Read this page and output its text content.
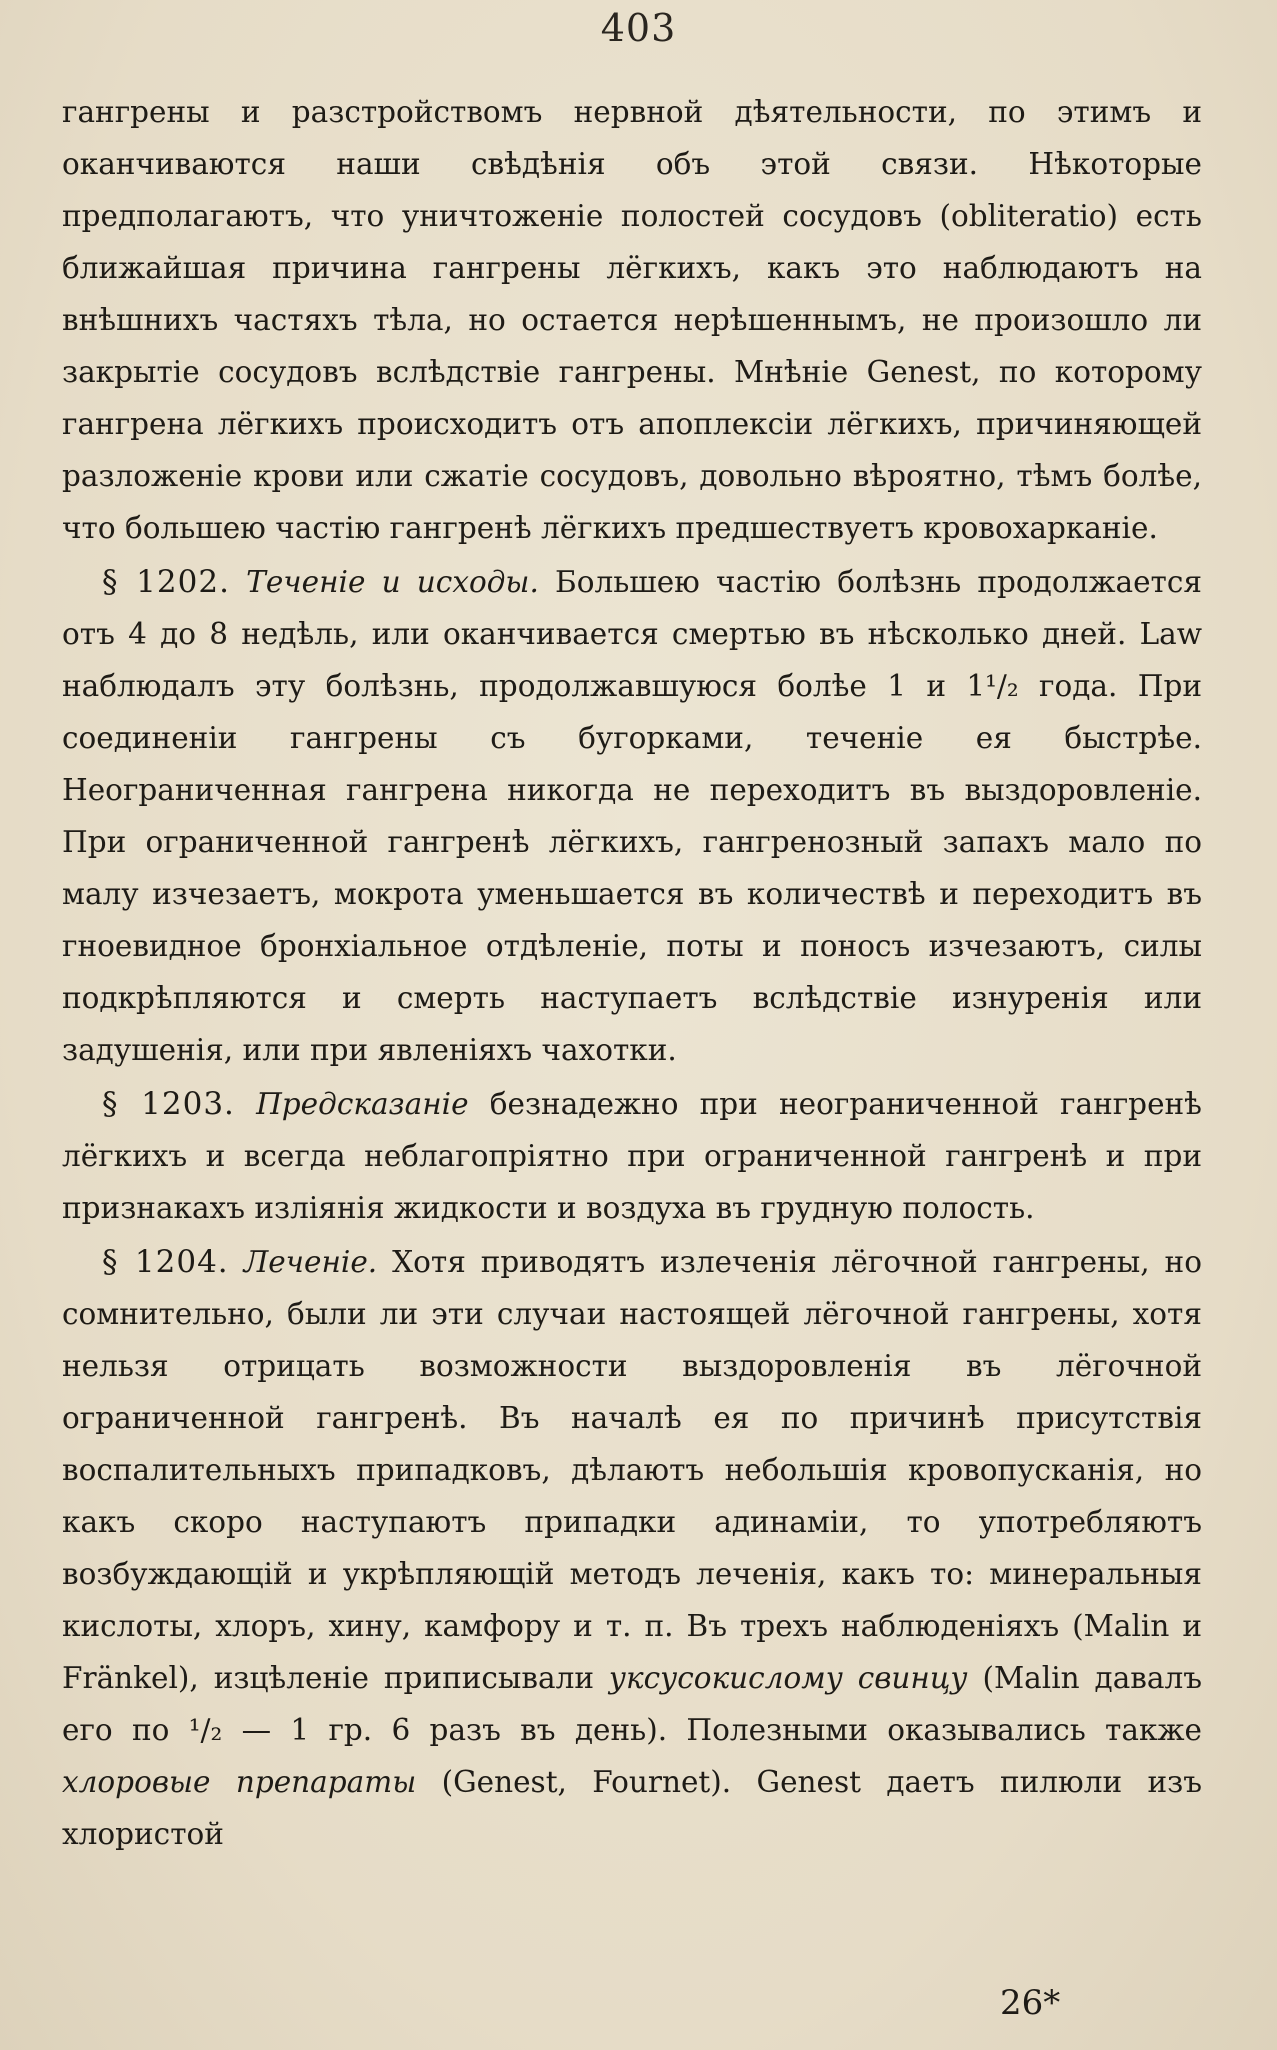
403

гангрены и разстройствомъ нервной дѣятельности, по этимъ и оканчиваются наши свѣдѣнія объ этой связи. Нѣкоторые предполагаютъ, что уничтоженіе полостей сосудовъ (obliteratio) есть ближайшая причина гангрены лёгкихъ, какъ это наблюдаютъ на внѣшнихъ частяхъ тѣла, но остается нерѣшеннымъ, не произошло ли закрытіе сосудовъ вслѣдствіе гангрены. Мнѣніе Genest, по которому гангрена лёгкихъ происходитъ отъ апоплексіи лёгкихъ, причиняющей разложеніе крови или сжатіе сосудовъ, довольно вѣроятно, тѣмъ болѣе, что большею частію гангренѣ лёгкихъ предшествуетъ кровохарканіе.

§ 1202. Теченіе и исходы. Большею частію болѣзнь продолжается отъ 4 до 8 недѣль, или оканчивается смертью въ нѣсколько дней. Law наблюдалъ эту болѣзнь, продолжавшуюся болѣе 1 и 1¹/₂ года. При соединеніи гангрены съ бугорками, теченіе ея быстрѣе. Неограниченная гангрена никогда не переходитъ въ выздоровленіе. При ограниченной гангренѣ лёгкихъ, гангренозный запахъ мало по малу изчезаетъ, мокрота уменьшается въ количествѣ и переходитъ въ гноевидное бронхіальное отдѣленіе, поты и поносъ изчезаютъ, силы подкрѣпляются и смерть наступаетъ вслѣдствіе изнуренія или задушенія, или при явленіяхъ чахотки.

§ 1203. Предсказаніе безнадежно при неограниченной гангренѣ лёгкихъ и всегда неблагопріятно при ограниченной гангренѣ и при признакахъ изліянія жидкости и воздуха въ грудную полость.

§ 1204. Леченіе. Хотя приводятъ излеченія лёгочной гангрены, но сомнительно, были ли эти случаи настоящей лёгочной гангрены, хотя нельзя отрицать возможности выздоровленія въ лёгочной ограниченной гангренѣ. Въ началѣ ея по причинѣ присутствія воспалительныхъ припадковъ, дѣлаютъ небольшія кровопусканія, но какъ скоро наступаютъ припадки адинаміи, то употребляютъ возбуждающій и укрѣпляющій методъ леченія, какъ то: минеральныя кислоты, хлоръ, хину, камфору и т. п. Въ трехъ наблюденіяхъ (Malin и Fränkel), изцѣленіе приписывали уксусокислому свинцу (Malin давалъ его по ¹/₂ — 1 гр. 6 разъ въ день). Полезными оказывались также хлоровые препараты (Genest, Fournet). Genest даетъ пилюли изъ хлористой

26*
